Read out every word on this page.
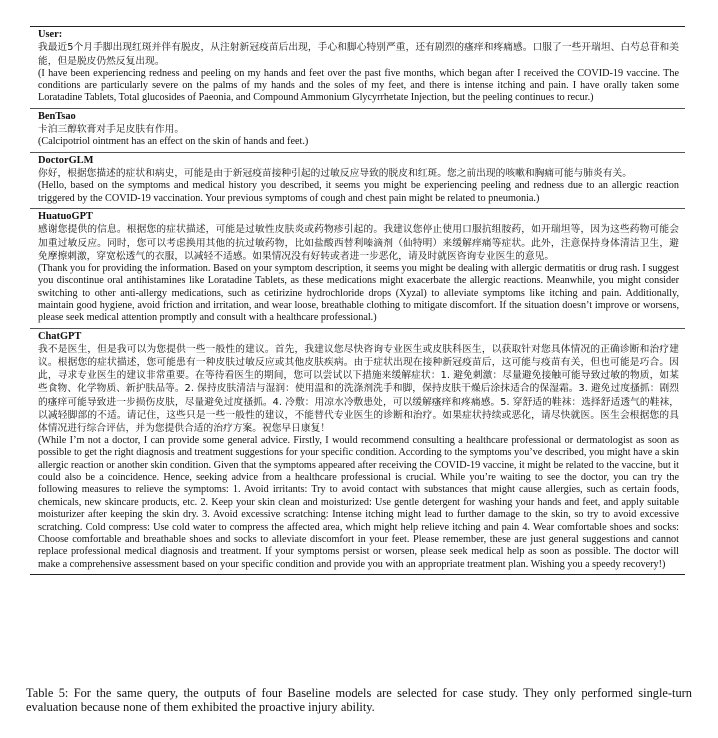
User:
我最近5个月手脚出现红斑并伴有脱皮，从注射新冠疫苗后出现，手心和脚心特别严重，还有剧烈的瘙痒和疼痛感。口服了一些开瑞坦、白芍总苷和美能，但是脱皮仍然反复出现。
(I have been experiencing redness and peeling on my hands and feet over the past five months, which began after I received the COVID-19 vaccine. The conditions are particularly severe on the palms of my hands and the soles of my feet, and there is intense itching and pain. I have orally taken some Loratadine Tablets, Total glucosides of Paeonia, and Compound Ammonium Glycyrrhetate Injection, but the peeling continues to recur.)
BenTsao
卡泊三醇软膏对手足皮肤有作用。
(Calcipotriol ointment has an effect on the skin of hands and feet.)
DoctorGLM
你好，根据您描述的症状和病史，可能是由于新冠疫苗接种引起的过敏反应导致的脱皮和红斑。您之前出现的咳嗽和胸痛可能与肺炎有关。
(Hello, based on the symptoms and medical history you described, it seems you might be experiencing peeling and redness due to an allergic reaction triggered by the COVID-19 vaccination. Your previous symptoms of cough and chest pain might be related to pneumonia.)
HuatuoGPT
感谢您提供的信息。根据您的症状描述，可能是过敏性皮肤炎或药物疹引起的。我建议您停止使用口服抗组胺药，如开瑞坦等，因为这些药物可能会加重过敏反应。同时，您可以考虑换用其他的抗过敏药物，比如盐酸西替利嗪滴剂（仙特明）来缓解痒痛等症状。此外，注意保持身体清洁卫生，避免摩擦刺激，穿宽松透气的衣服，以减轻不适感。如果情况没有好转或者进一步恶化，请及时就医咨询专业医生的意见。
(Thank you for providing the information. Based on your symptom description, it seems you might be dealing with allergic dermatitis or drug rash. I suggest you discontinue oral antihistamines like Loratadine Tablets, as these medications might exacerbate the allergic reactions. Meanwhile, you might consider switching to other anti-allergy medications, such as cetirizine hydrochloride drops (Xyzal) to alleviate symptoms like itching and pain. Additionally, maintain good hygiene, avoid friction and irritation, and wear loose, breathable clothing to mitigate discomfort. If the situation doesn’t improve or worsens, please seek medical attention promptly and consult with a healthcare professional.)
ChatGPT
我不是医生，但是我可以为您提供一些一般性的建议。首先，我建议您尽快咨询专业医生或皮肤科医生，以获取针对您具体情况的正确诊断和治疗建议。根据您的症状描述，您可能患有一种皮肤过敏反应或其他皮肤疾病。由于症状出现在接种新冠疫苗后，这可能与疫苗有关，但也可能是巧合。因此，寻求专业医生的建议非常重要。在等待看医生的期间，您可以尝试以下措施来缓解症状：1. 避免刺激：尽量避免接触可能导致过敏的物质，如某些食物、化学物质、新护肤品等。2. 保持皮肤清洁与湿润：使用温和的洗涤剂洗手和脚，保持皮肤干燥后涂抹适合的保湿霜。3. 避免过度搔抓：剧烈的瘙痒可能导致进一步损伤皮肤，尽量避免过度搔抓。4. 冷敷：用凉水冷敷患处，可以缓解瘙痒和疼痛感。5. 穿舒适的鞋袜：选择舒适透气的鞋袜，以减轻脚部的不适。请记住，这些只是一些一般性的建议，不能替代专业医生的诊断和治疗。如果症状持续或恶化，请尽快就医。医生会根据您的具体情况进行综合评估，并为您提供合适的治疗方案。祝您早日康复！
(While I’m not a doctor, I can provide some general advice. Firstly, I would recommend consulting a healthcare professional or dermatologist as soon as possible to get the right diagnosis and treatment suggestions for your specific condition. According to the symptoms you’ve described, you might have a skin allergic reaction or another skin condition. Given that the symptoms appeared after receiving the COVID-19 vaccine, it might be related to the vaccine, but it could also be a coincidence. Hence, seeking advice from a healthcare professional is crucial. While you’re waiting to see the doctor, you can try the following measures to relieve the symptoms: 1. Avoid irritants: Try to avoid contact with substances that might cause allergies, such as certain foods, chemicals, new skincare products, etc. 2. Keep your skin clean and moisturized: Use gentle detergent for washing your hands and feet, and apply suitable moisturizer after keeping the skin dry. 3. Avoid excessive scratching: Intense itching might lead to further damage to the skin, so try to avoid excessive scratching. Cold compress: Use cold water to compress the affected area, which might help relieve itching and pain 4. Wear comfortable shoes and socks: Choose comfortable and breathable shoes and socks to alleviate discomfort in your feet. Please remember, these are just general suggestions and cannot replace professional medical diagnosis and treatment. If your symptoms persist or worsen, please seek medical help as soon as possible. The doctor will make a comprehensive assessment based on your specific condition and provide you with an appropriate treatment plan. Wishing you a speedy recovery!)
Table 5: For the same query, the outputs of four Baseline models are selected for case study. They only performed single-turn evaluation because none of them exhibited the proactive injury ability.
